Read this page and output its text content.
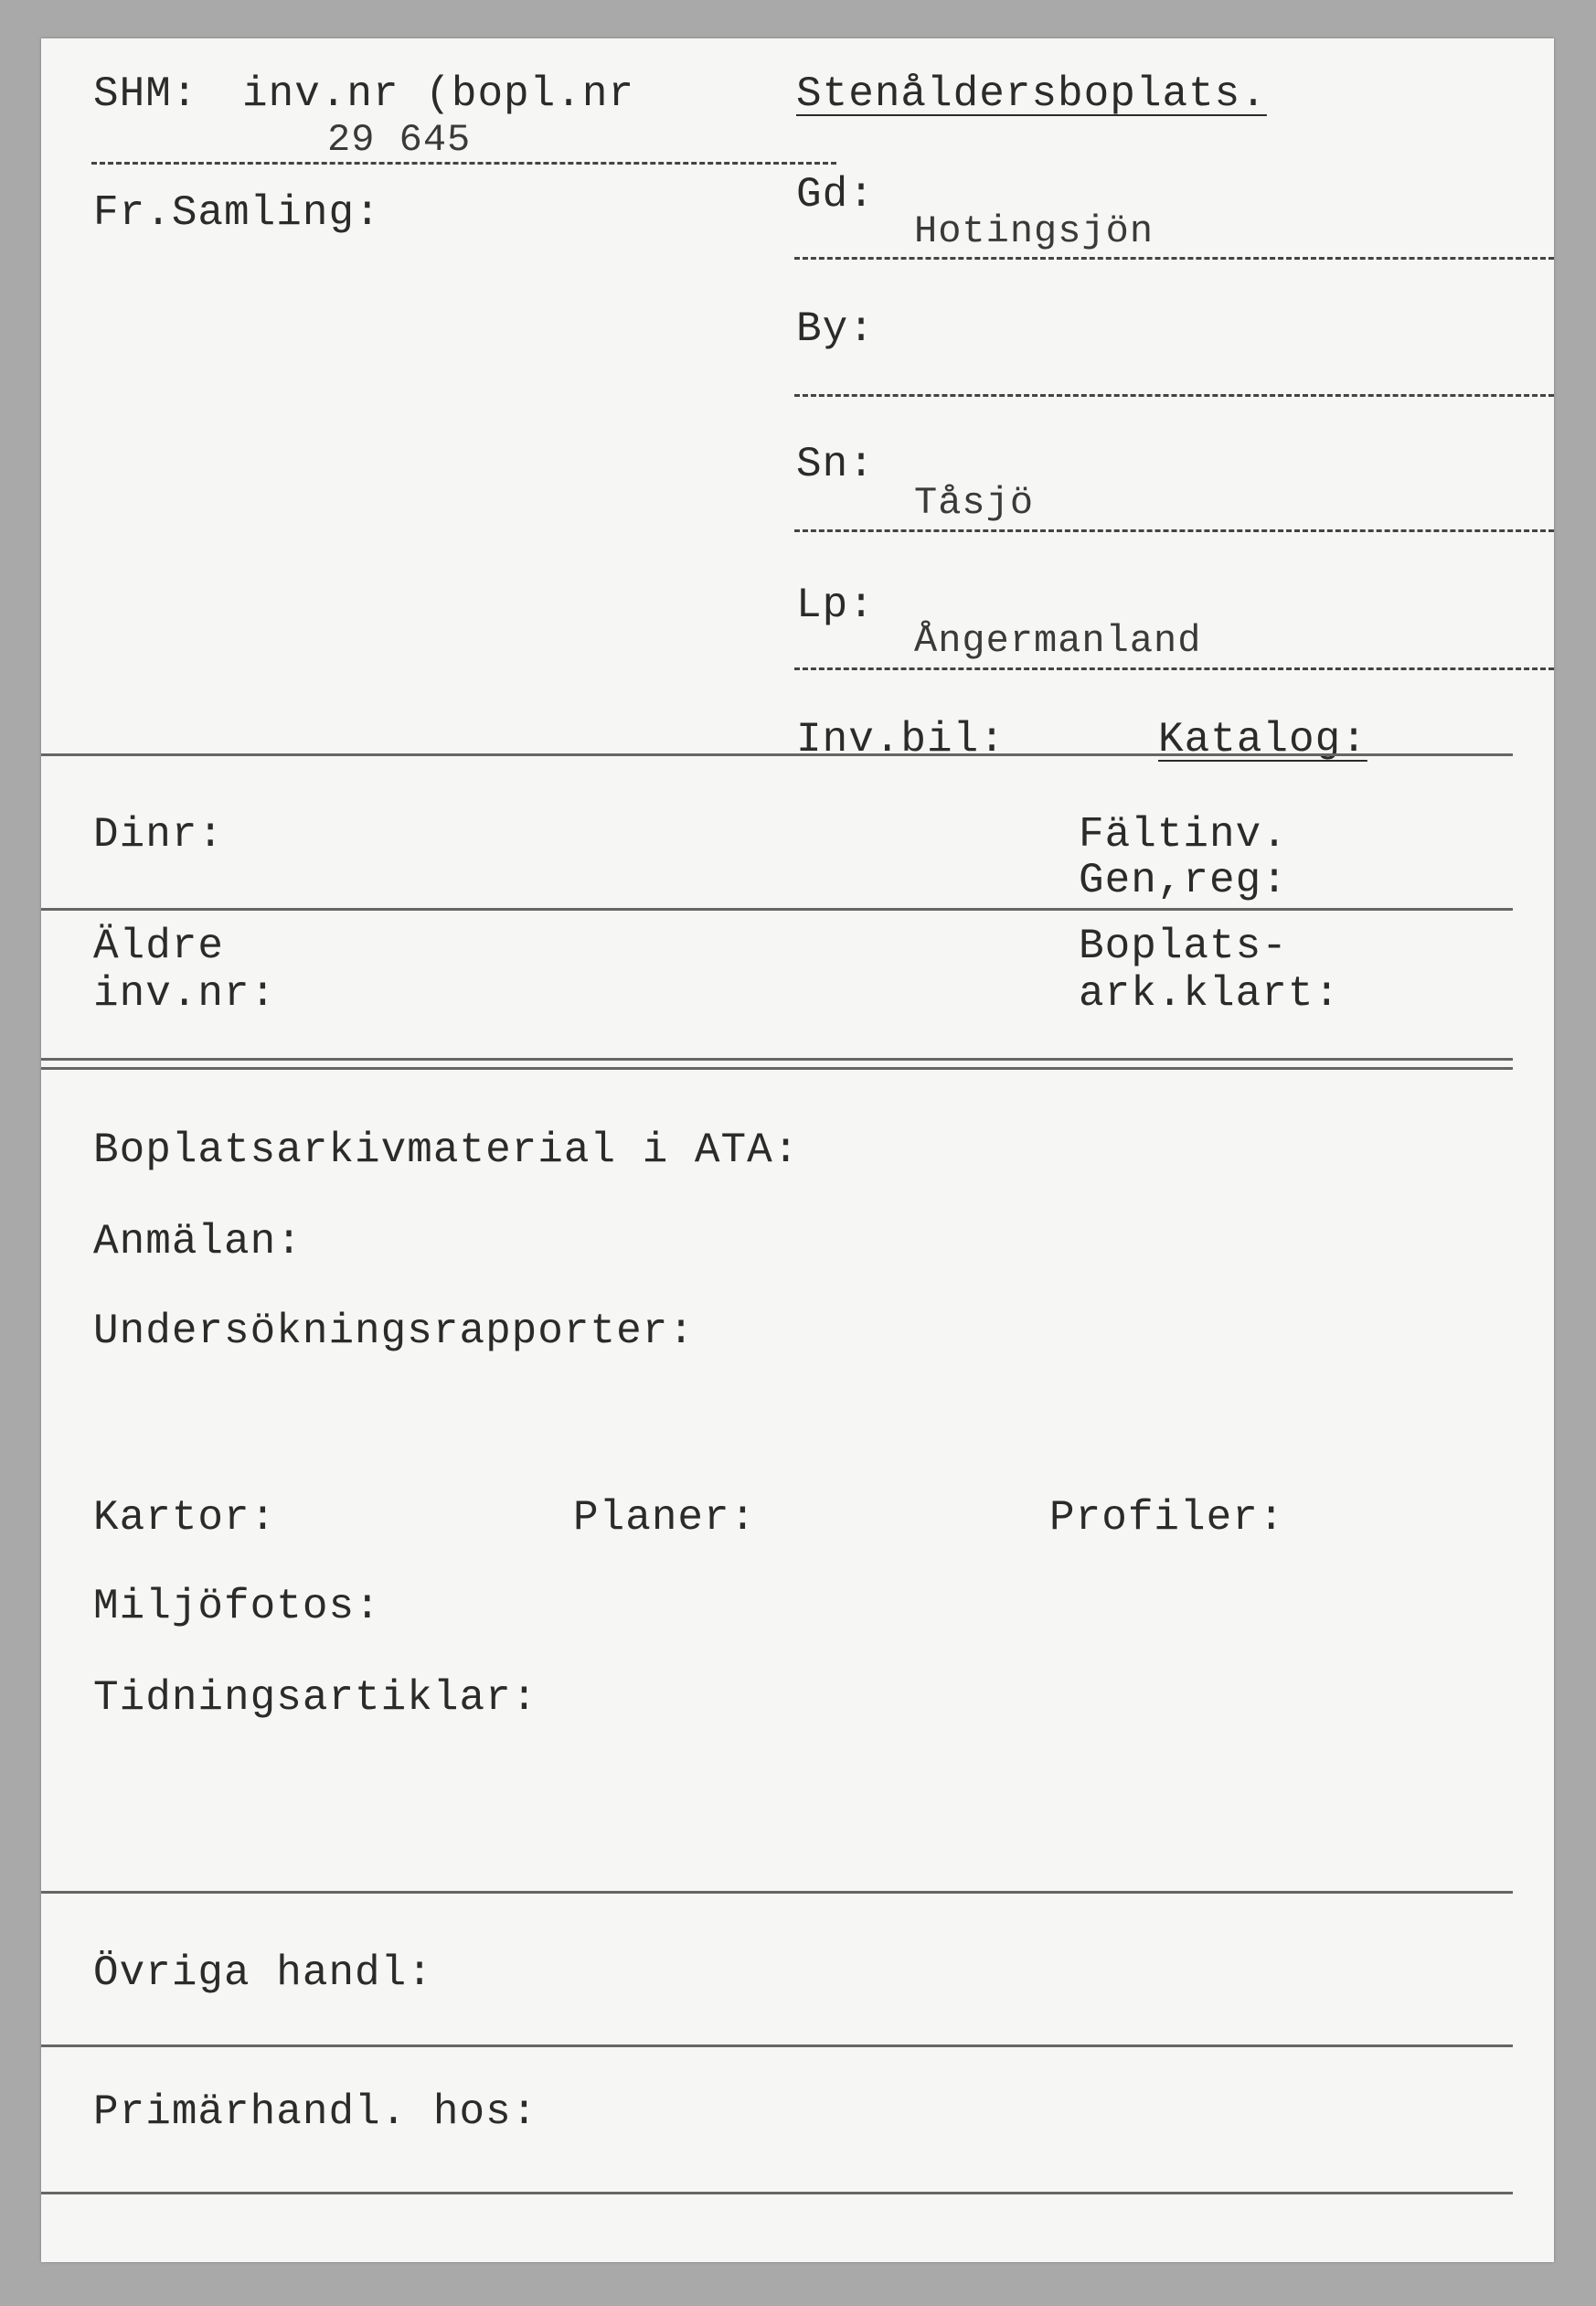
SHM: inv.nr (bopl.nr
29 645
Stenåldersboplats.
Fr.Samling:	Gd:
Hotingsjön
By:
Sn:
Tåsjö
Lp:
Ångermanland
Inv.bil:	Katalog:
Dinr:	Fältinv.
Gen,reg:
Äldre
inv.nr:
Boplats-
ark.klart:
Boplatsarkivmaterial i ATA:
Anmälan:
Undersökningsrapporter:
Kartor:	Planer:	Profiler:
Miljöfotos:
Tidningsartiklar:
Övriga handl:
Primärhandl. hos:
